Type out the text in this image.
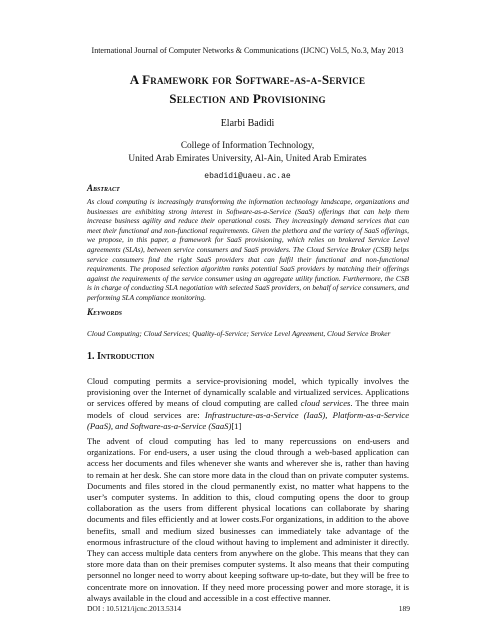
International Journal of Computer Networks & Communications (IJCNC) Vol.5, No.3, May 2013
A Framework for Software-as-a-Service
Selection and Provisioning
Elarbi Badidi
College of Information Technology,
United Arab Emirates University, Al-Ain, United Arab Emirates
ebadidi@uaeu.ac.ae
Abstract
As cloud computing is increasingly transforming the information technology landscape, organizations and businesses are exhibiting strong interest in Software-as-a-Service (SaaS) offerings that can help them increase business agility and reduce their operational costs. They increasingly demand services that can meet their functional and non-functional requirements. Given the plethora and the variety of SaaS offerings, we propose, in this paper, a framework for SaaS provisioning, which relies on brokered Service Level agreements (SLAs), between service consumers and SaaS providers. The Cloud Service Broker (CSB) helps service consumers find the right SaaS providers that can fulfil their functional and non-functional requirements. The proposed selection algorithm ranks potential SaaS providers by matching their offerings against the requirements of the service consumer using an aggregate utility function. Furthermore, the CSB is in charge of conducting SLA negotiation with selected SaaS providers, on behalf of service consumers, and performing SLA compliance monitoring.
Keywords
Cloud Computing; Cloud Services; Quality-of-Service; Service Level Agreement, Cloud Service Broker
1. Introduction
Cloud computing permits a service-provisioning model, which typically involves the provisioning over the Internet of dynamically scalable and virtualized services. Applications or services offered by means of cloud computing are called cloud services. The three main models of cloud services are: Infrastructure-as-a-Service (IaaS), Platform-as-a-Service (PaaS), and Software-as-a-Service (SaaS)[1]
The advent of cloud computing has led to many repercussions on end-users and organizations. For end-users, a user using the cloud through a web-based application can access her documents and files whenever she wants and wherever she is, rather than having to remain at her desk. She can store more data in the cloud than on private computer systems. Documents and files stored in the cloud permanently exist, no matter what happens to the user’s computer systems. In addition to this, cloud computing opens the door to group collaboration as the users from different physical locations can collaborate by sharing documents and files efficiently and at lower costs.For organizations, in addition to the above benefits, small and medium sized businesses can immediately take advantage of the enormous infrastructure of the cloud without having to implement and administer it directly. They can access multiple data centers from anywhere on the globe. This means that they can store more data than on their premises computer systems. It also means that their computing personnel no longer need to worry about keeping software up-to-date, but they will be free to concentrate more on innovation. If they need more processing power and more storage, it is always available in the cloud and accessible in a cost effective manner.
DOI : 10.5121/ijcnc.2013.5314	189
